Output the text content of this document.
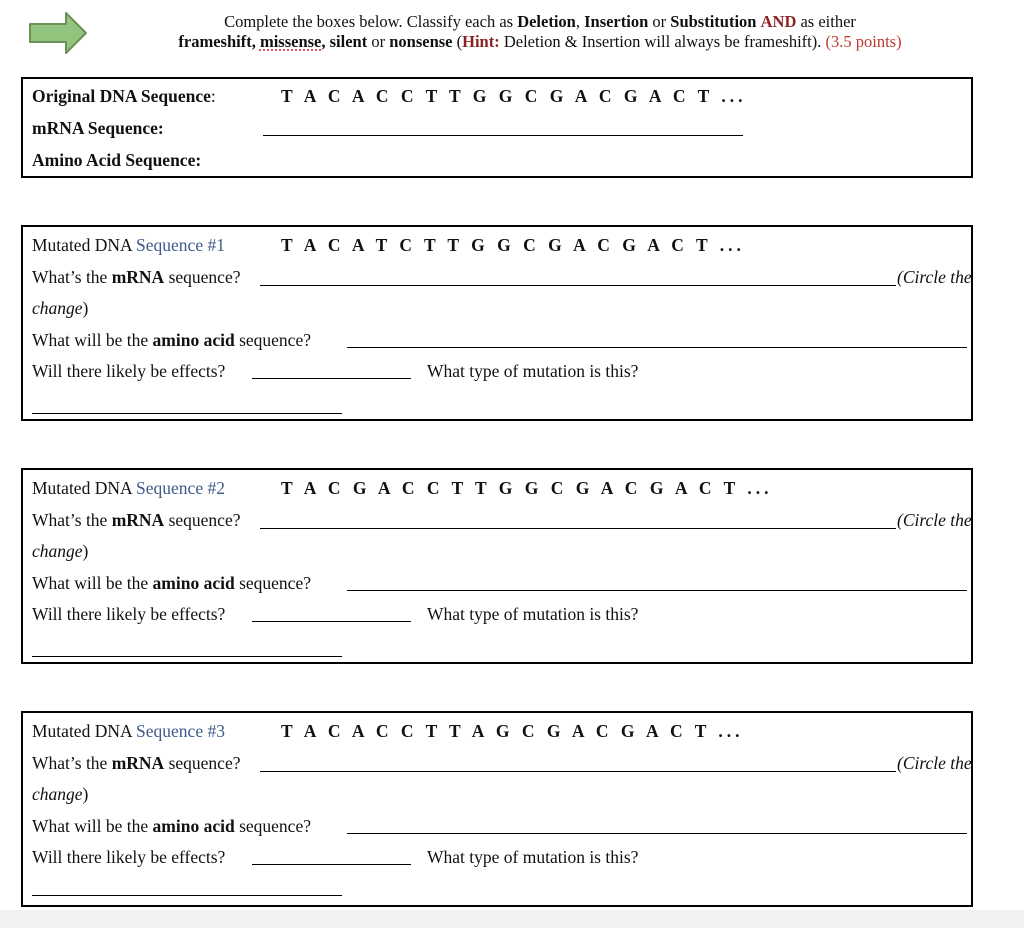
Complete the boxes below. Classify each as Deletion, Insertion or Substitution AND as either
frameshift, missense, silent or nonsense (Hint: Deletion & Insertion will always be frameshift). (3.5 points)
Original DNA Sequence:	T A C A C C T T G G C G A C G A C T ...
mRNA Sequence:
Amino Acid Sequence:
Mutated DNA Sequence #1	T A C A T C T T G G C G A C G A C T ...
What’s the mRNA sequence?	(Circle the
change)
What will be the amino acid sequence?
Will there likely be effects?	What type of mutation is this?
Mutated DNA Sequence #2	T A C G A C C T T G G C G A C G A C T ...
What’s the mRNA sequence?	(Circle the
change)
What will be the amino acid sequence?
Will there likely be effects?	What type of mutation is this?
Mutated DNA Sequence #3	T A C A C C T T A G C G A C G A C T ...
What’s the mRNA sequence?	(Circle the
change)
What will be the amino acid sequence?
Will there likely be effects?	What type of mutation is this?
